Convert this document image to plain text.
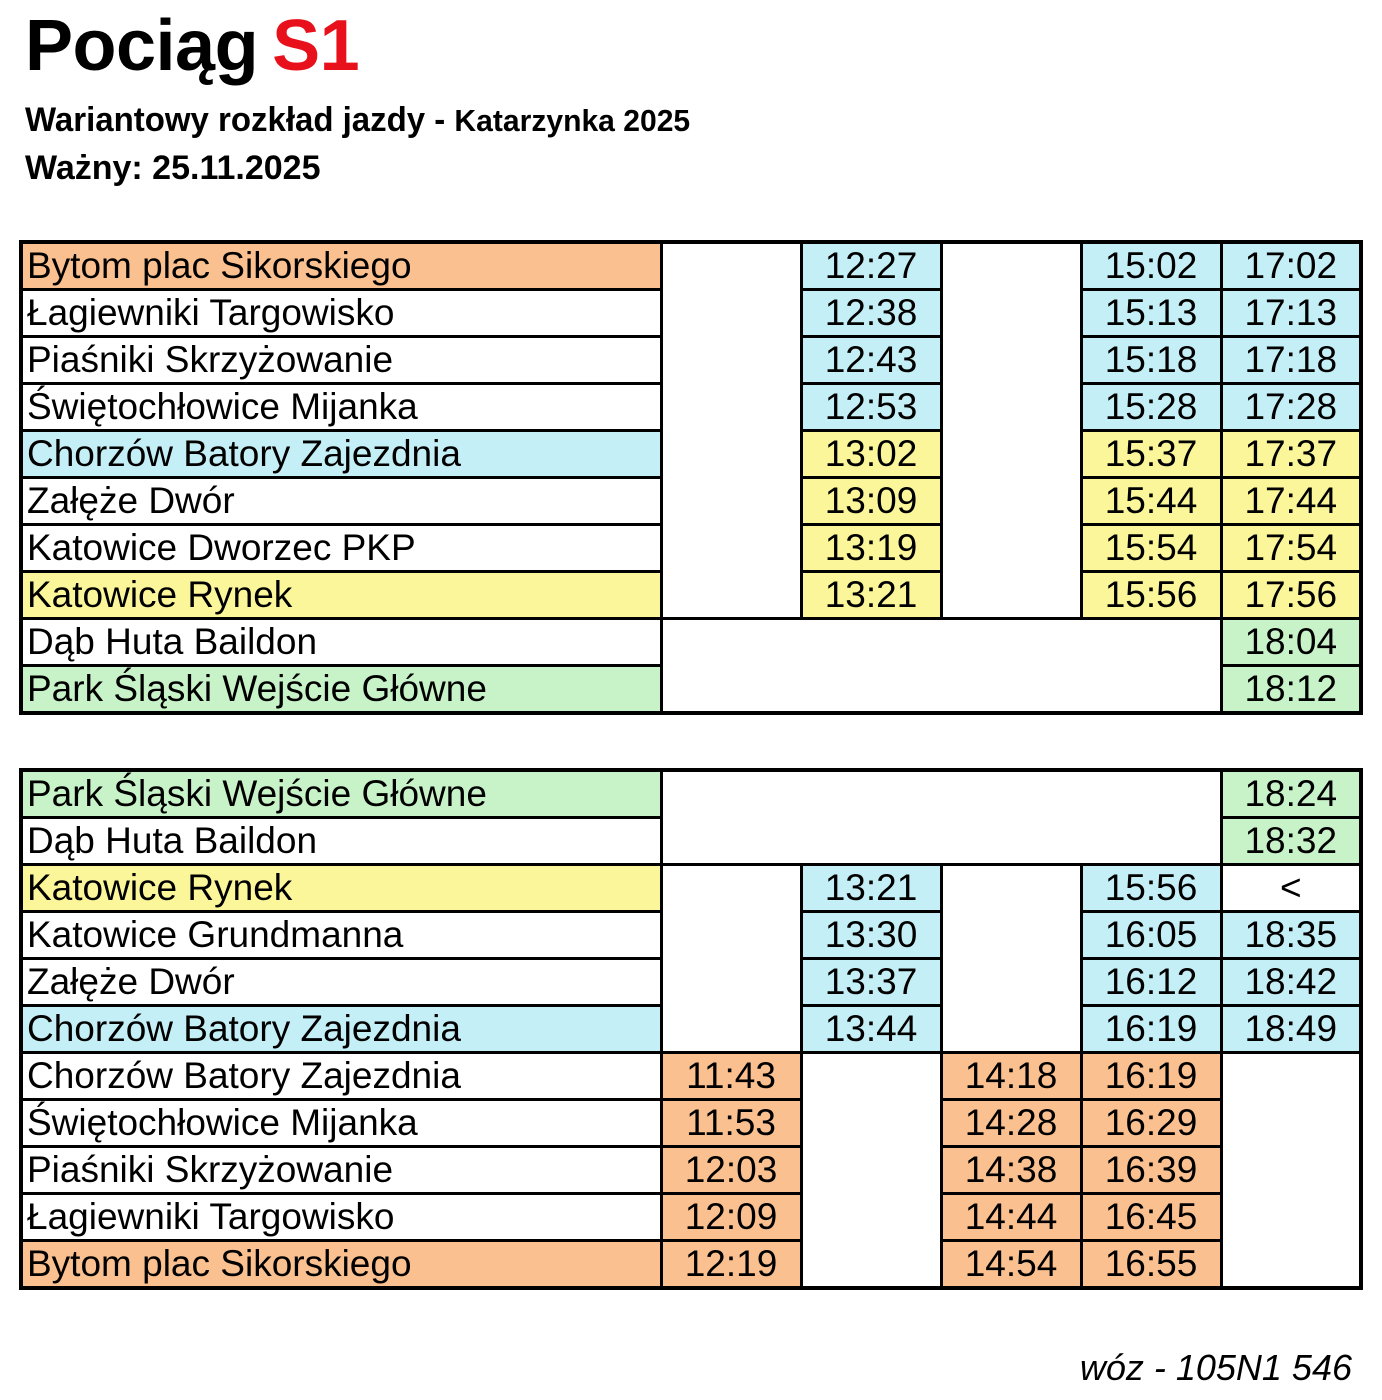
Pociąg S1
Wariantowy rozkład jazdy - Katarzynka 2025
Ważny: 25.11.2025
Bytom plac Sikorskiego		12:27		15:02	17:02
Łagiewniki Targowisko		12:38		15:13	17:13
Piaśniki Skrzyżowanie		12:43		15:18	17:18
Świętochłowice Mijanka		12:53		15:28	17:28
Chorzów Batory Zajezdnia		13:02		15:37	17:37
Załęże Dwór		13:09		15:44	17:44
Katowice Dworzec PKP		13:19		15:54	17:54
Katowice Rynek		13:21		15:56	17:56
Dąb Huta Baildon					18:04
Park Śląski Wejście Główne					18:12
Park Śląski Wejście Główne					18:24
Dąb Huta Baildon					18:32
Katowice Rynek		13:21		15:56	<
Katowice Grundmanna		13:30		16:05	18:35
Załęże Dwór		13:37		16:12	18:42
Chorzów Batory Zajezdnia		13:44		16:19	18:49
Chorzów Batory Zajezdnia	11:43		14:18	16:19	
Świętochłowice Mijanka	11:53		14:28	16:29	
Piaśniki Skrzyżowanie	12:03		14:38	16:39	
Łagiewniki Targowisko	12:09		14:44	16:45	
Bytom plac Sikorskiego	12:19		14:54	16:55	
wóz - 105N1 546
